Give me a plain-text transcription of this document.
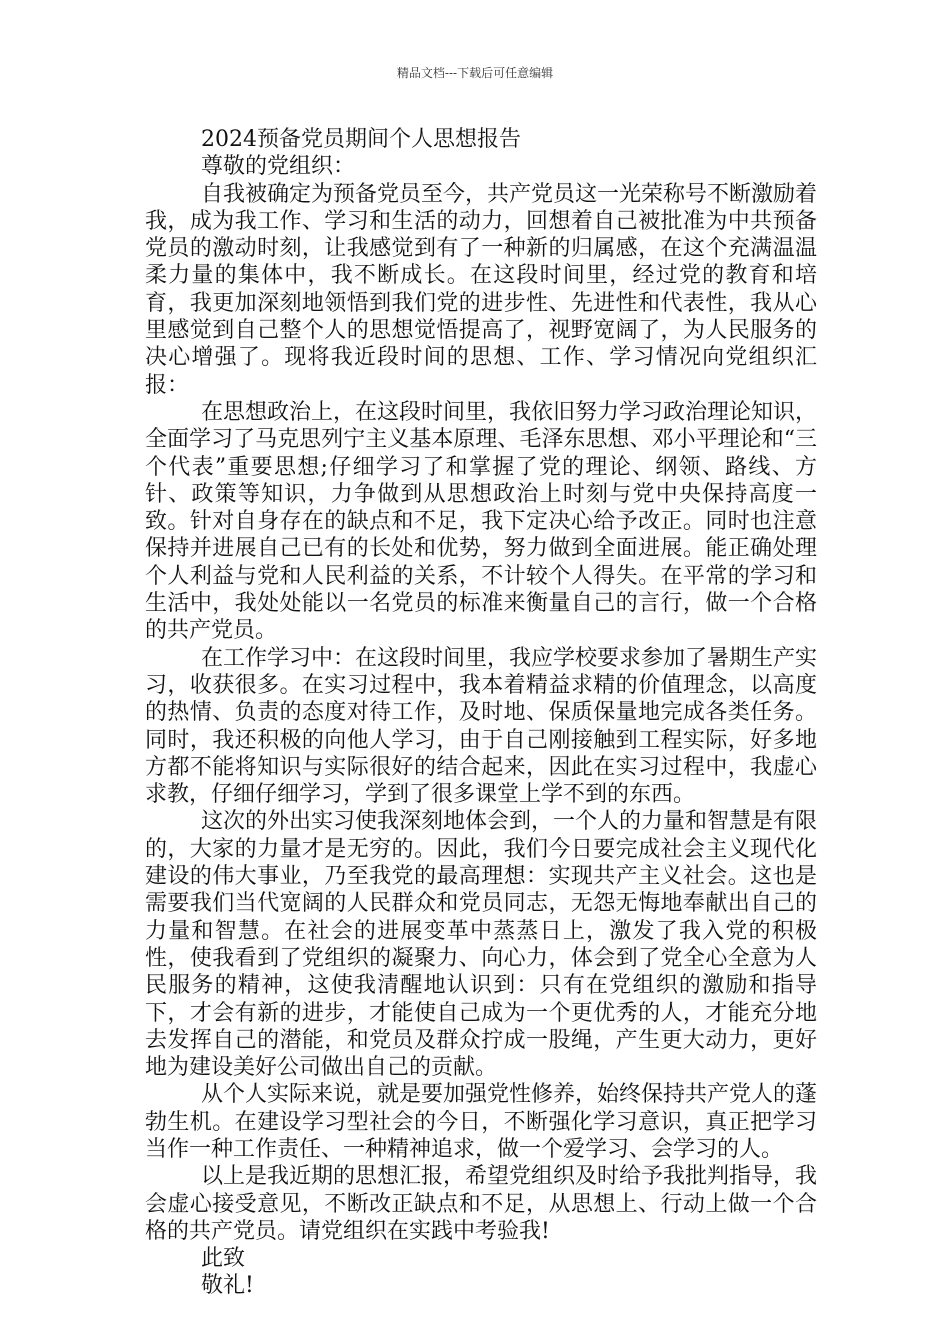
精品文档---下载后可任意编辑

2024预备党员期间个人思想报告

尊敬的党组织：

自我被确定为预备党员至今，共产党员这一光荣称号不断激励着我，成为我工作、学习和生活的动力，回想着自己被批准为中共预备党员的激动时刻，让我感觉到有了一种新的归属感，在这个充满温温柔力量的集体中，我不断成长。在这段时间里，经过党的教育和培育，我更加深刻地领悟到我们党的进步性、先进性和代表性，我从心里感觉到自己整个人的思想觉悟提高了，视野宽阔了，为人民服务的决心增强了。现将我近段时间的思想、工作、学习情况向党组织汇报：

在思想政治上，在这段时间里，我依旧努力学习政治理论知识，全面学习了马克思列宁主义基本原理、毛泽东思想、邓小平理论和“三个代表”重要思想;仔细学习了和掌握了党的理论、纲领、路线、方针、政策等知识，力争做到从思想政治上时刻与党中央保持高度一致。针对自身存在的缺点和不足，我下定决心给予改正。同时也注意保持并进展自己已有的长处和优势，努力做到全面进展。能正确处理个人利益与党和人民利益的关系，不计较个人得失。在平常的学习和生活中，我处处能以一名党员的标准来衡量自己的言行，做一个合格的共产党员。

在工作学习中：在这段时间里，我应学校要求参加了暑期生产实习，收获很多。在实习过程中，我本着精益求精的价值理念，以高度的热情、负责的态度对待工作，及时地、保质保量地完成各类任务。同时，我还积极的向他人学习，由于自己刚接触到工程实际，好多地方都不能将知识与实际很好的结合起来，因此在实习过程中，我虚心求教，仔细仔细学习，学到了很多课堂上学不到的东西。

这次的外出实习使我深刻地体会到，一个人的力量和智慧是有限的，大家的力量才是无穷的。因此，我们今日要完成社会主义现代化建设的伟大事业，乃至我党的最高理想：实现共产主义社会。这也是需要我们当代宽阔的人民群众和党员同志，无怨无悔地奉献出自己的力量和智慧。在社会的进展变革中蒸蒸日上，激发了我入党的积极性，使我看到了党组织的凝聚力、向心力，体会到了党全心全意为人民服务的精神，这使我清醒地认识到：只有在党组织的激励和指导下，才会有新的进步，才能使自己成为一个更优秀的人，才能充分地去发挥自己的潜能，和党员及群众拧成一股绳，产生更大动力，更好地为建设美好公司做出自己的贡献。

从个人实际来说，就是要加强党性修养，始终保持共产党人的蓬勃生机。在建设学习型社会的今日，不断强化学习意识，真正把学习当作一种工作责任、一种精神追求，做一个爱学习、会学习的人。

以上是我近期的思想汇报，希望党组织及时给予我批判指导，我会虚心接受意见，不断改正缺点和不足，从思想上、行动上做一个合格的共产党员。请党组织在实践中考验我!

此致

敬礼!
